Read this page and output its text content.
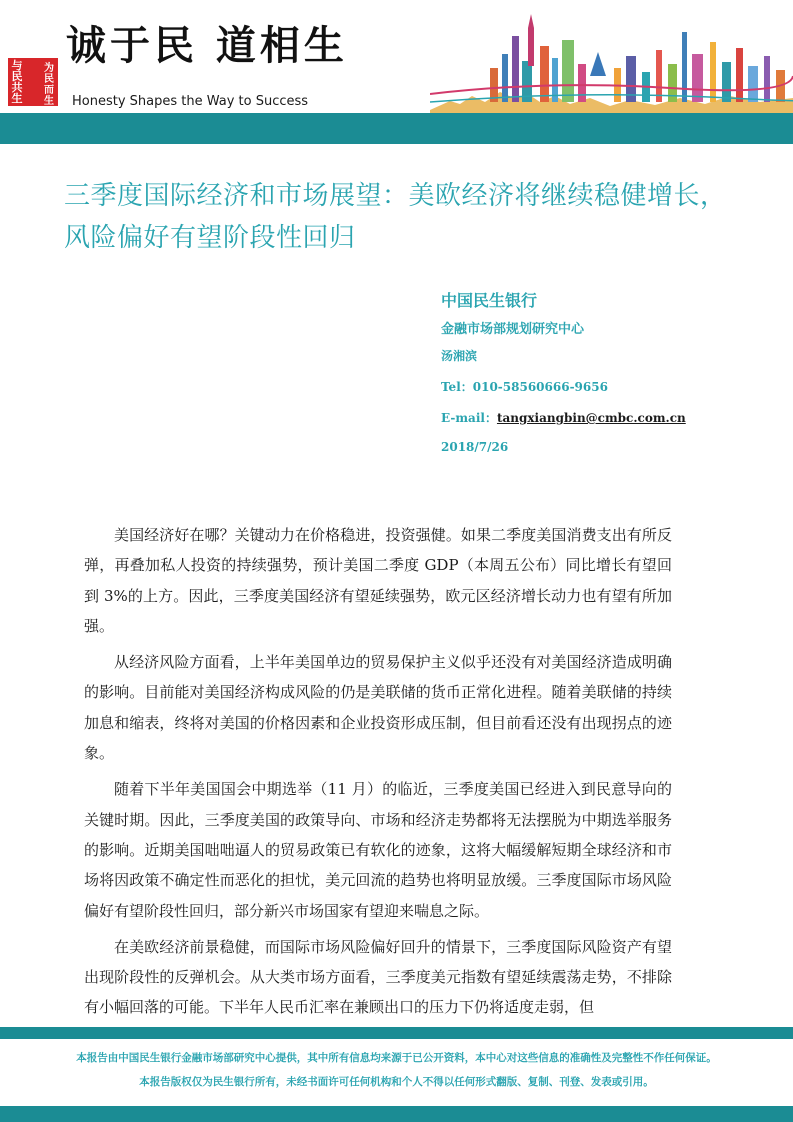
与民共生
为民而生
诚于民 道相生
Honesty Shapes the Way to Success
三季度国际经济和市场展望：美欧经济将继续稳健增长，风险偏好有望阶段性回归
中国民生银行
金融市场部规划研究中心
汤湘滨
Tel：010-58560666-9656
E-mail：tangxiangbin@cmbc.com.cn
2018/7/26

美国经济好在哪？关键动力在价格稳进，投资强健。如果二季度美国消费支出有所反弹，再叠加私人投资的持续强势，预计美国二季度 GDP（本周五公布）同比增长有望回到 3%的上方。因此，三季度美国经济有望延续强势，欧元区经济增长动力也有望有所加强。

从经济风险方面看，上半年美国单边的贸易保护主义似乎还没有对美国经济造成明确的影响。目前能对美国经济构成风险的仍是美联储的货币正常化进程。随着美联储的持续加息和缩表，终将对美国的价格因素和企业投资形成压制，但目前看还没有出现拐点的迹象。

随着下半年美国国会中期选举（11 月）的临近，三季度美国已经进入到民意导向的关键时期。因此，三季度美国的政策导向、市场和经济走势都将无法摆脱为中期选举服务的影响。近期美国咄咄逼人的贸易政策已有软化的迹象，这将大幅缓解短期全球经济和市场将因政策不确定性而恶化的担忧，美元回流的趋势也将明显放缓。三季度国际市场风险偏好有望阶段性回归，部分新兴市场国家有望迎来喘息之际。

在美欧经济前景稳健，而国际市场风险偏好回升的情景下，三季度国际风险资产有望出现阶段性的反弹机会。从大类市场方面看，三季度美元指数有望延续震荡走势，不排除有小幅回落的可能。下半年人民币汇率在兼顾出口的压力下仍将适度走弱，但

本报告由中国民生银行金融市场部研究中心提供，其中所有信息均来源于已公开资料，本中心对这些信息的准确性及完整性不作任何保证。
本报告版权仅为民生银行所有，未经书面许可任何机构和个人不得以任何形式翻版、复制、刊登、发表或引用。
